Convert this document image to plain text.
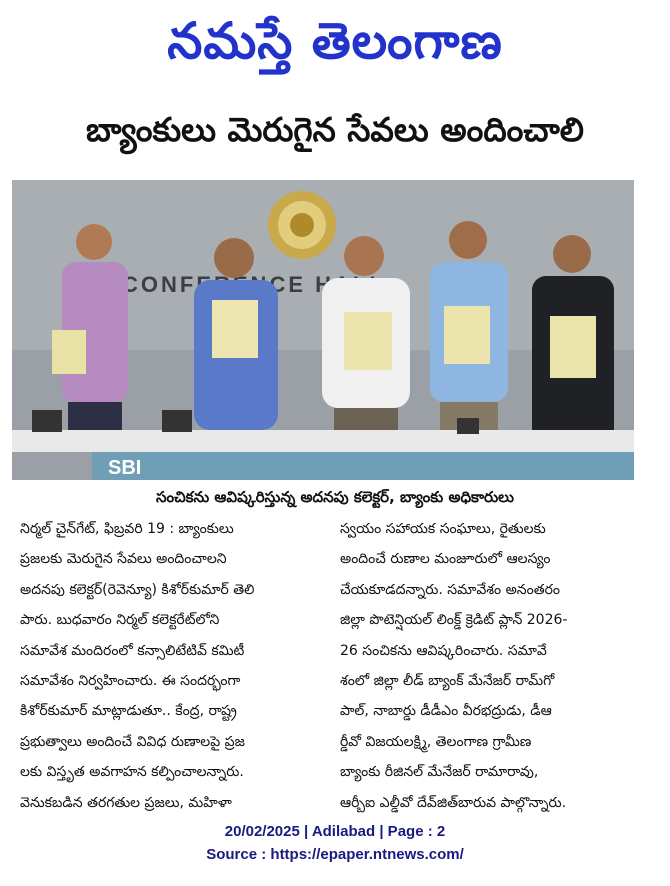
నమస్తే తెలంగాణ
బ్యాంకులు మెరుగైన సేవలు అందించాలి
SBI
సంచికను ఆవిష్కరిస్తున్న అదనపు కలెక్టర్, బ్యాంకు అధికారులు

నిర్మల్ చైన్‌గేట్, ఫిబ్రవరి 19 : బ్యాంకులు

ప్రజలకు మెరుగైన సేవలు అందించాలని

అదనపు కలెక్టర్(రెవెన్యూ) కిశోర్‌కుమార్ తెలి

పారు. బుధవారం నిర్మల్ కలెక్టరేట్‌లోని

సమావేశ మందిరంలో కన్సాలిటేటివ్ కమిటీ

సమావేశం నిర్వహించారు. ఈ సందర్భంగా

కిశోర్‌కుమార్ మాట్లాడుతూ.. కేంద్ర, రాష్ట్ర

ప్రభుత్వాలు అందించే వివిధ రుణాలపై ప్రజ

లకు విస్తృత అవగాహన కల్పించాలన్నారు.

వెనుకబడిన తరగతుల ప్రజలు, మహిళా

స్వయం సహాయక సంఘాలు, రైతులకు

అందించే రుణాల మంజూరులో ఆలస్యం

చేయకూడదన్నారు. సమావేశం అనంతరం

జిల్లా పొటెన్షియల్ లింక్డ్ క్రెడిట్ ప్లాన్ 2026-

26 సంచికను ఆవిష్కరించారు. సమావే

శంలో జిల్లా లీడ్ బ్యాంక్ మేనేజర్ రామ్‌గో

పాల్, నాబార్డు డీడీఎం వీరభద్రుడు, డీఆ

ర్డీవో విజయలక్ష్మి, తెలంగాణ గ్రామీణ

బ్యాంకు రీజినల్ మేనేజర్ రామారావు,

ఆర్బీఐ ఎల్డీవో దేవ్‌జిత్‌బారువ పాల్గొన్నారు.

20/02/2025 | Adilabad | Page : 2
Source : https://epaper.ntnews.com/
